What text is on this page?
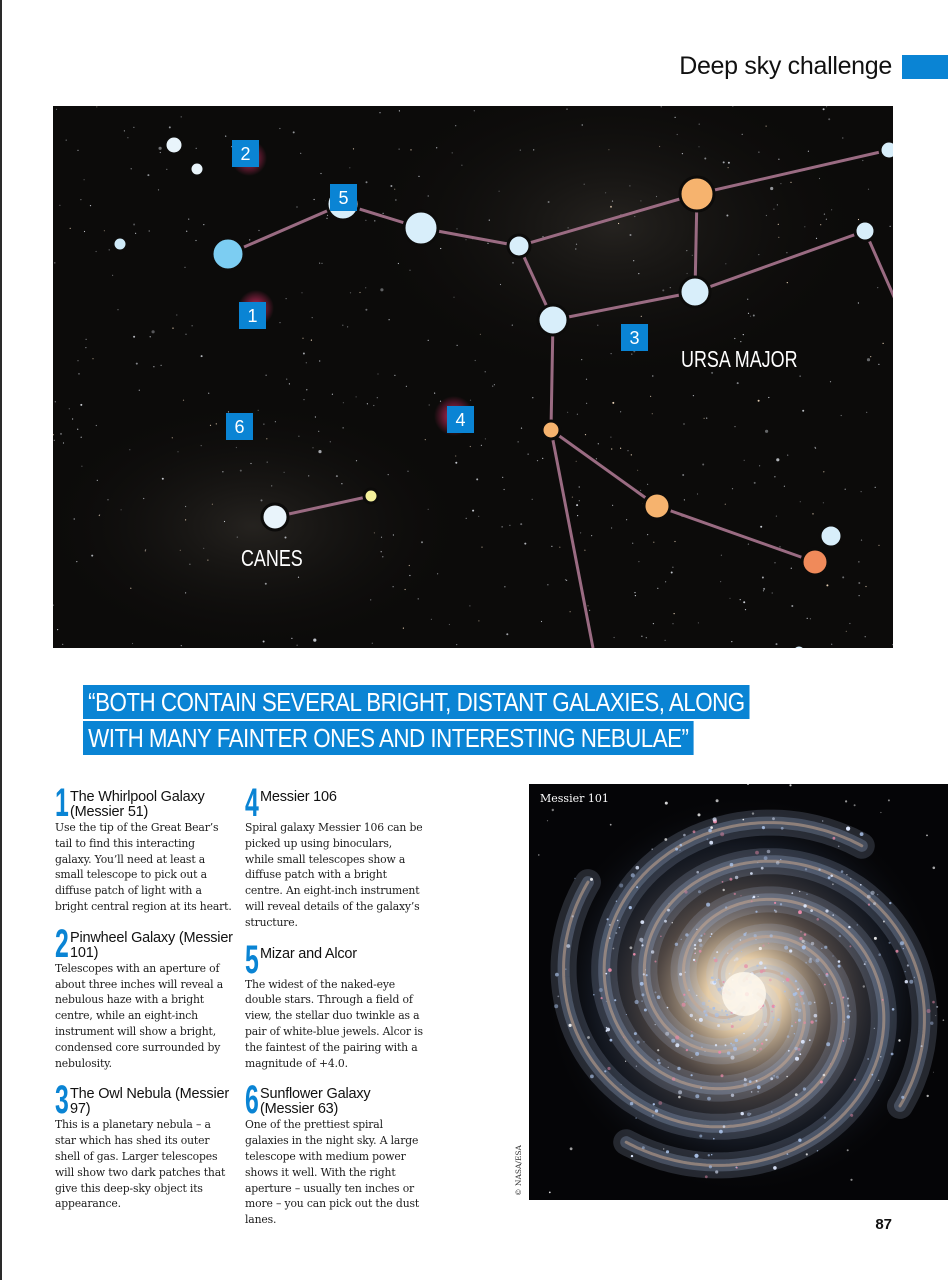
Deep sky challenge
1
2
3
4
5
6
URSA MAJOR
CANES
“BOTH CONTAIN SEVERAL BRIGHT, DISTANT GALAXIES, ALONG WITH MANY FAINTER ONES AND INTERESTING NEBULAE”
1 The Whirlpool Galaxy (Messier 51)
Use the tip of the Great Bear’s tail to find this interacting galaxy. You’ll need at least a small telescope to pick out a diffuse patch of light with a bright central region at its heart.
2 Pinwheel Galaxy (Messier 101)
Telescopes with an aperture of about three inches will reveal a nebulous haze with a bright centre, while an eight-inch instrument will show a bright, condensed core surrounded by nebulosity.
3 The Owl Nebula (Messier 97)
This is a planetary nebula – a star which has shed its outer shell of gas. Larger telescopes will show two dark patches that give this deep-sky object its appearance.
4 Messier 106
Spiral galaxy Messier 106 can be picked up using binoculars, while small telescopes show a diffuse patch with a bright centre. An eight-inch instrument will reveal details of the galaxy’s structure.
5 Mizar and Alcor
The widest of the naked-eye double stars. Through a field of view, the stellar duo twinkle as a pair of white-blue jewels. Alcor is the faintest of the pairing with a magnitude of +4.0.
6 Sunflower Galaxy (Messier 63)
One of the prettiest spiral galaxies in the night sky. A large telescope with medium power shows it well. With the right aperture – usually ten inches or more – you can pick out the dust lanes.
Messier 101
© NASA/ESA
87
